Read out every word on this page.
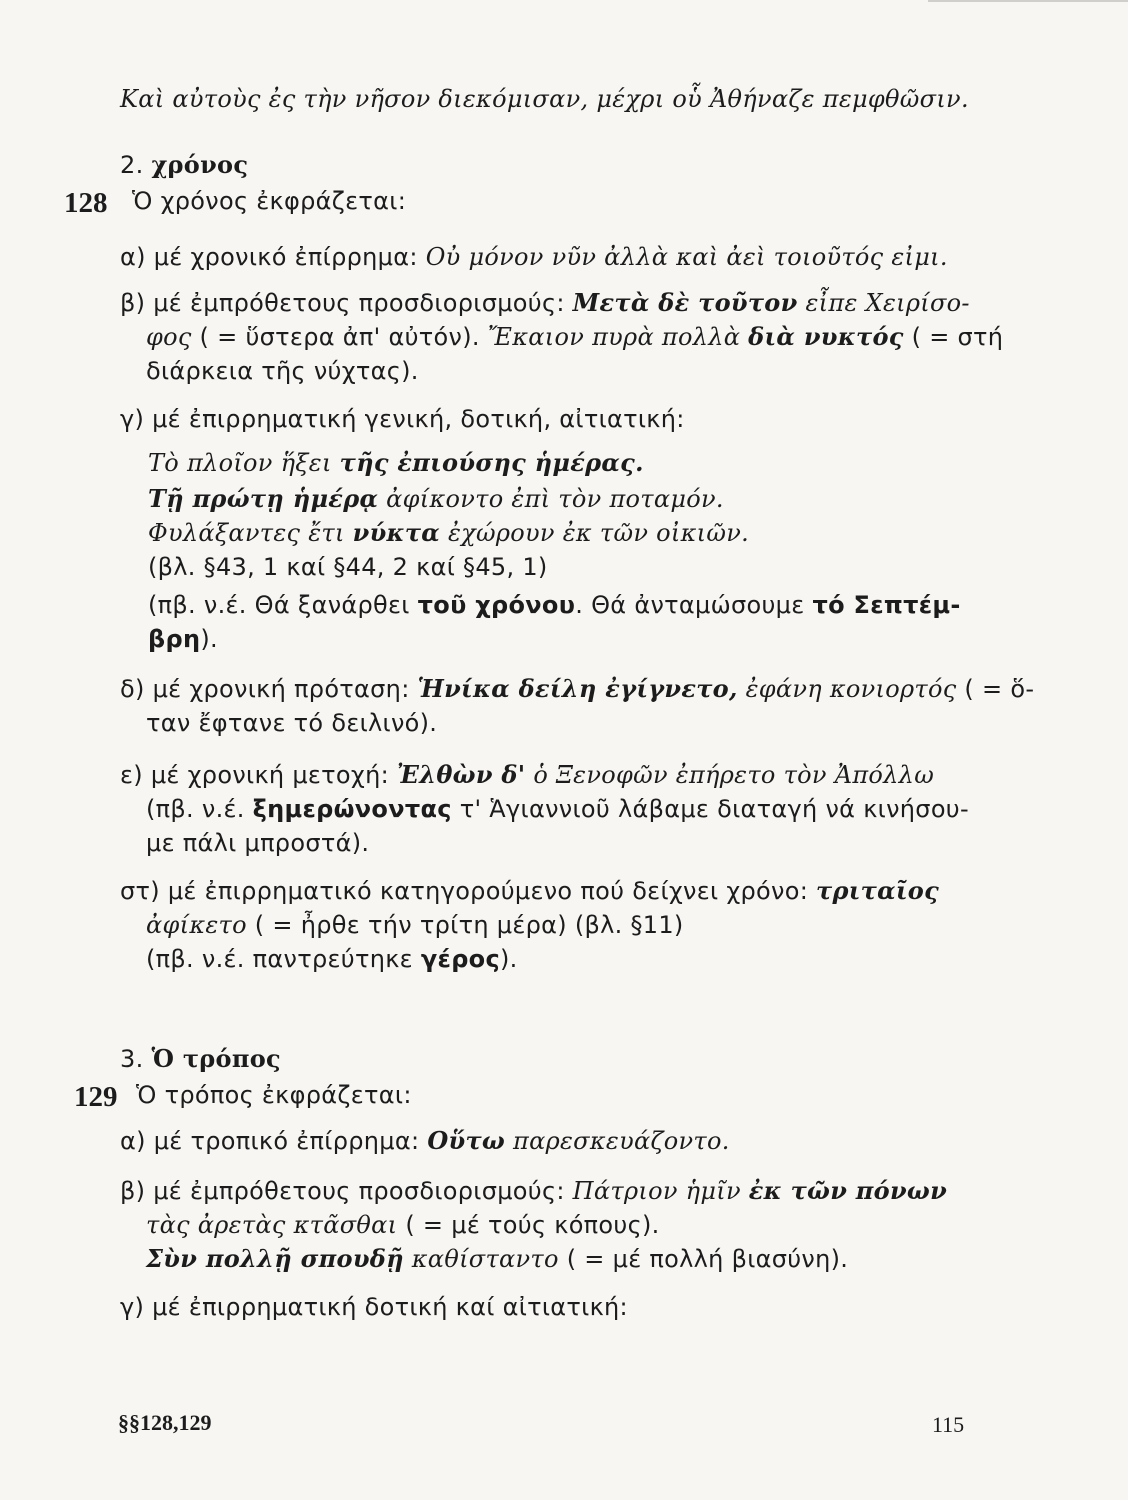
Καὶ αὐτοὺς ἐς τὴν νῆσον διεκόμισαν, μέχρι οὗ Ἀθήναζε πεμφθῶσιν.
2. χρόνος
128 Ὁ χρόνος ἐκφράζεται:
α) μέ χρονικό ἐπίρρημα: Οὐ μόνον νῦν ἀλλὰ καὶ ἀεὶ τοιοῦτός εἰμι.
β) μέ ἐμπρόθετους προσδιορισμούς: Μετὰ δὲ τοῦτον εἶπε Χειρίσο-
φος ( = ὕστερα ἀπ' αὐτόν). Ἔκαιον πυρὰ πολλὰ διὰ νυκτός ( = στή
διάρκεια τῆς νύχτας).
γ) μέ ἐπιρρηματική γενική, δοτική, αἰτιατική:
Τὸ πλοῖον ἥξει τῆς ἐπιούσης ἡμέρας.
Τῇ πρώτῃ ἡμέρᾳ ἀφίκοντο ἐπὶ τὸν ποταμόν.
Φυλάξαντες ἔτι νύκτα ἐχώρουν ἐκ τῶν οἰκιῶν.
(βλ. §43, 1 καί §44, 2 καί §45, 1)
(πβ. ν.έ. Θά ξανάρθει τοῦ χρόνου. Θά ἀνταμώσουμε τό Σεπτέμ-
βρη).
δ) μέ χρονική πρόταση: Ἡνίκα δείλη ἐγίγνετο, ἐφάνη κονιορτός ( = ὅ-
ταν ἔφτανε τό δειλινό).
ε) μέ χρονική μετοχή: Ἐλθὼν δ' ὁ Ξενοφῶν ἐπήρετο τὸν Ἀπόλλω
(πβ. ν.έ. ξημερώνοντας τ' Ἁγιαννιοῦ λάβαμε διαταγή νά κινήσου-
με πάλι μπροστά).
στ) μέ ἐπιρρηματικό κατηγορούμενο πού δείχνει χρόνο: τριταῖος
ἀφίκετο ( = ἦρθε τήν τρίτη μέρα) (βλ. §11)
(πβ. ν.έ. παντρεύτηκε γέρος).
3. Ὁ τρόπος
129 Ὁ τρόπος ἐκφράζεται:
α) μέ τροπικό ἐπίρρημα: Οὕτω παρεσκευάζοντο.
β) μέ ἐμπρόθετους προσδιορισμούς: Πάτριον ἡμῖν ἐκ τῶν πόνων
τὰς ἀρετὰς κτᾶσθαι ( = μέ τούς κόπους).
Σὺν πολλῇ σπουδῇ καθίσταντο ( = μέ πολλή βιασύνη).
γ) μέ ἐπιρρηματική δοτική καί αἰτιατική:
§§128,129	115
